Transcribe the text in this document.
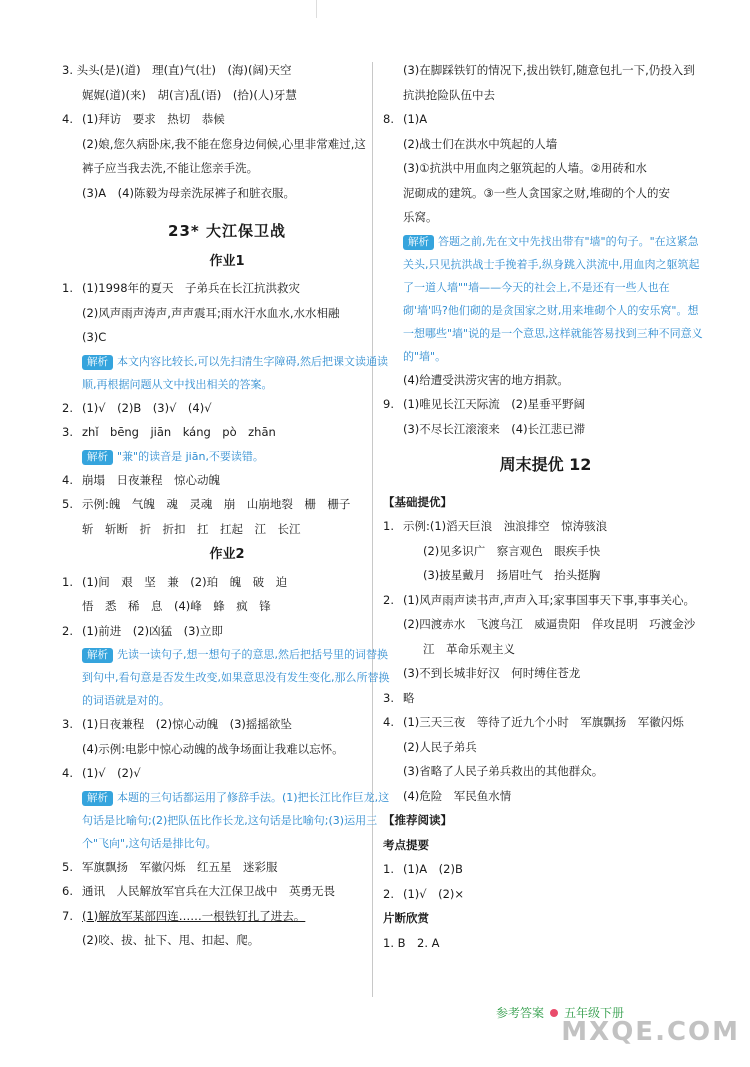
3. 头头(是)(道)　理(直)气(壮)　(海)(阔)天空
娓娓(道)(来)　胡(言)乱(语)　(拾)(人)牙慧
4. (1)拜访　要求　热切　恭候
(2)娘,您久病卧床,我不能在您身边伺候,心里非常难过,这
裤子应当我去洗,不能让您亲手洗。
(3)A　(4)陈毅为母亲洗尿裤子和脏衣服。
23* 大江保卫战
作业1
1. (1)1998年的夏天　子弟兵在长江抗洪救灾
(2)风声雨声涛声,声声震耳;雨水汗水血水,水水相融
(3)C
解析 本文内容比较长,可以先扫清生字障碍,然后把课文读通读顺,再根据问题从文中找出相关的答案。
2. (1)√　(2)B　(3)√　(4)√
3. zhǐ　bēng　jiān　káng　pò　zhān
解析 "兼"的读音是 jiān,不要读错。
4. 崩塌　日夜兼程　惊心动魄
5. 示例:魄　气魄　魂　灵魂　崩　山崩地裂　栅　栅子
斩　斩断　折　折扣　扛　扛起　江　长江
作业2
1. (1)间　艰　坚　兼　(2)珀　魄　破　迫
悟　悉　稀　息　(4)峰　蜂　疯　锋
2. (1)前进　(2)凶猛　(3)立即
解析 先读一读句子,想一想句子的意思,然后把括号里的词替换到句中,看句意是否发生改变,如果意思没有发生变化,那么所替换的词语就是对的。
3. (1)日夜兼程　(2)惊心动魄　(3)摇摇欲坠
(4)示例:电影中惊心动魄的战争场面让我难以忘怀。
4. (1)√　(2)√
解析 本题的三句话都运用了修辞手法。(1)把长江比作巨龙,这句话是比喻句;(2)把队伍比作长龙,这句话是比喻句;(3)运用三个"飞向",这句话是排比句。
5. 军旗飘扬　军徽闪烁　红五星　迷彩服
6. 通讯　人民解放军官兵在大江保卫战中　英勇无畏
7. (1)解放军某部四连……一根铁钉扎了进去。
(2)咬、拔、扯下、甩、扣起、爬。
(3)在脚踩铁钉的情况下,拔出铁钉,随意包扎一下,仍投入到
抗洪抢险队伍中去
8. (1)A
(2)战士们在洪水中筑起的人墙
(3)①抗洪中用血肉之躯筑起的人墙。②用砖和水
泥砌成的建筑。③一些人贪国家之财,堆砌的个人的安
乐窝。
解析 答题之前,先在文中先找出带有"墙"的句子。"在这紧急关头,只见抗洪战士手挽着手,纵身跳入洪流中,用血肉之躯筑起了一道人墙""墙——今天的社会上,不是还有一些人也在砌'墙'吗?他们砌的是贪国家之财,用来堆砌个人的安乐窝"。想一想哪些"墙"说的是一个意思,这样就能答易找到三种不同意义的"墙"。
(4)给遭受洪涝灾害的地方捐款。
9. (1)唯见长江天际流　(2)星垂平野阔
(3)不尽长江滚滚来　(4)长江悲已滞
周末提优 12
【基础提优】
1. 示例:(1)滔天巨浪　浊浪排空　惊涛骇浪
(2)见多识广　察言观色　眼疾手快
(3)披星戴月　扬眉吐气　抬头挺胸
2. (1)风声雨声读书声,声声入耳;家事国事天下事,事事关心。
(2)四渡赤水　飞渡乌江　威逼贵阳　佯攻昆明　巧渡金沙
江　革命乐观主义
(3)不到长城非好汉　何时缚住苍龙
3. 略
4. (1)三天三夜　等待了近九个小时　军旗飘扬　军徽闪烁
(2)人民子弟兵
(3)省略了人民子弟兵救出的其他群众。
(4)危险　军民鱼水情
【推荐阅读】
考点提要
1. (1)A　(2)B
2. (1)√　(2)×
片断欣赏
1. B　2. A
参考答案 五年级下册
MXQE.COM
